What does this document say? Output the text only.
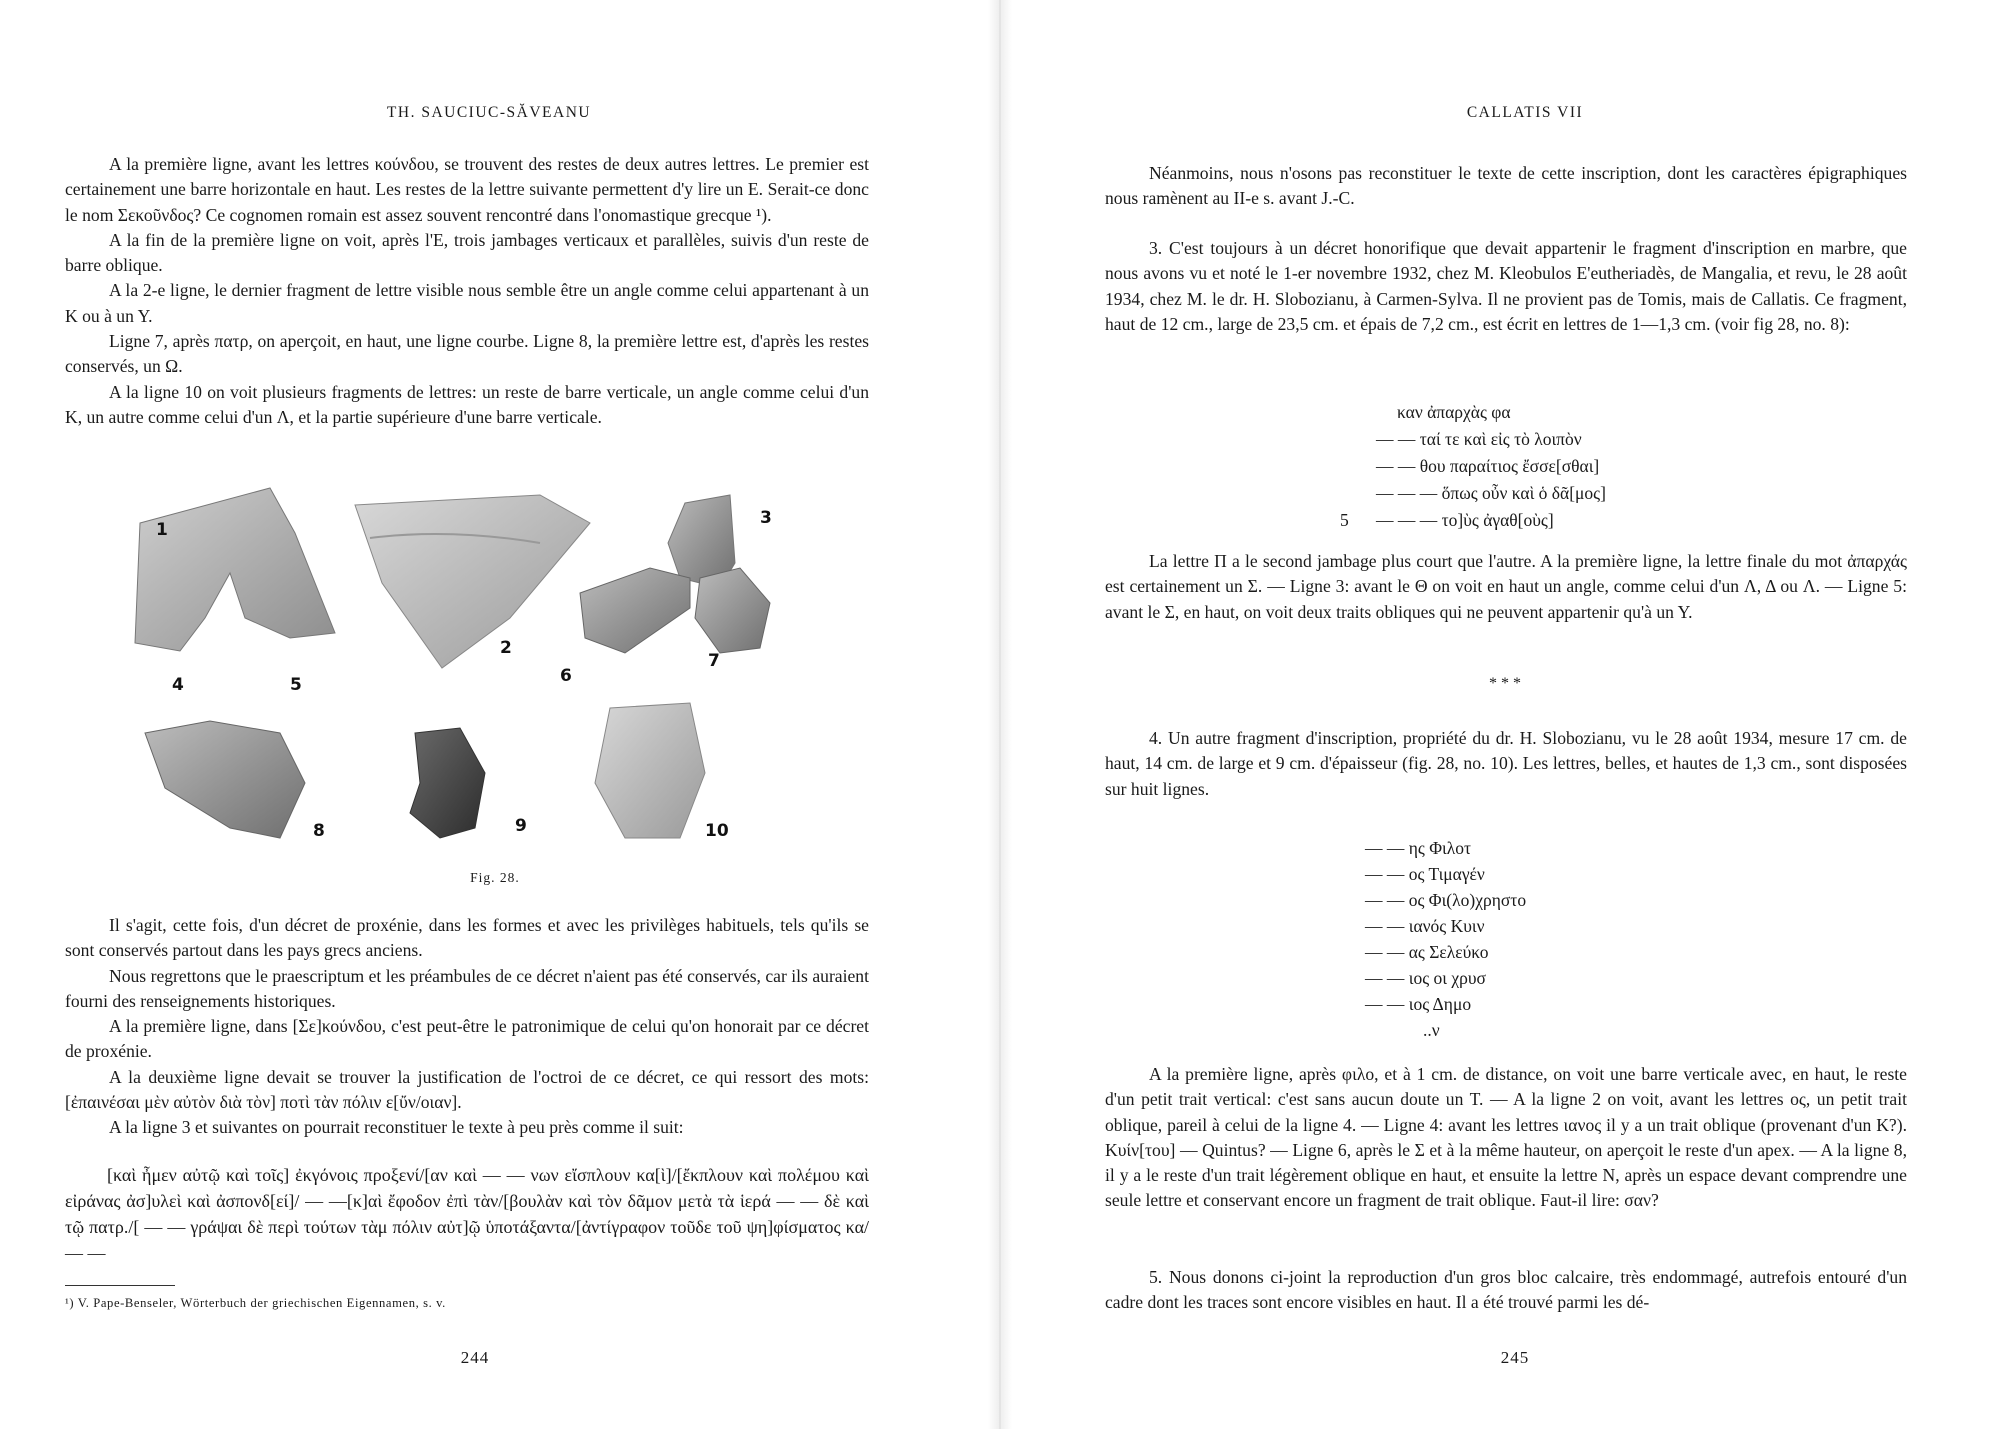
TH. SAUCIUC-SĂVEANU

A la première ligne, avant les lettres κούνδου, se trouvent des restes de deux autres lettres. Le premier est certainement une barre horizontale en haut. Les restes de la lettre suivante permettent d'y lire un E. Serait-ce donc le nom Σεκοῦνδος? Ce cognomen romain est assez souvent rencontré dans l'onomastique grecque ¹).

A la fin de la première ligne on voit, après l'E, trois jambages verticaux et parallèles, suivis d'un reste de barre oblique.

A la 2-e ligne, le dernier fragment de lettre visible nous semble être un angle comme celui appartenant à un K ou à un Y.

Ligne 7, après πατρ, on aperçoit, en haut, une ligne courbe. Ligne 8, la première lettre est, d'après les restes conservés, un Ω.

A la ligne 10 on voit plusieurs fragments de lettres: un reste de barre verticale, un angle comme celui d'un K, un autre comme celui d'un Λ, et la partie supérieure d'une barre verticale.

1
2
3
4	5	6
7
8	9	10
Fig. 28.

Il s'agit, cette fois, d'un décret de proxénie, dans les formes et avec les privilèges habituels, tels qu'ils se sont conservés partout dans les pays grecs anciens.

Nous regrettons que le praescriptum et les préambules de ce décret n'aient pas été conservés, car ils auraient fourni des renseignements historiques.

A la première ligne, dans [Σε]κούνδου, c'est peut-être le patronimique de celui qu'on honorait par ce décret de proxénie.

A la deuxième ligne devait se trouver la justification de l'octroi de ce décret, ce qui ressort des mots: [ἐπαινέσαι μὲν αὐτὸν διὰ τὸν] ποτὶ τὰν πόλιν ε[ὔν/οιαν].

A la ligne 3 et suivantes on pourrait reconstituer le texte à peu près comme il suit:

[καὶ ἦμεν αὐτῷ καὶ τοῖς] ἐκγόνοις προξενί/[αν καὶ — — νων εἴσπλουν κα[ὶ]/[ἔκπλουν καὶ πολέμου καὶ εἰράνας ἀσ]υλεὶ καὶ ἀσπονδ[εί]/ — —[κ]αὶ ἔφοδον ἐπὶ τὰν/[βουλὰν καὶ τὸν δᾶμον μετὰ τὰ ἱερά — — δὲ καὶ τῷ πατρ./[ — — γράψαι δὲ περὶ τούτων τὰμ πόλιν αὐτ]ῷ ὑποτάξαντα/[ἀντίγραφον τοῦδε τοῦ ψη]φίσματος κα/ — —

¹) V. Pape-Benseler, Wörterbuch der griechischen Eigennamen, s. v.
244
CALLATIS VII

Néanmoins, nous n'osons pas reconstituer le texte de cette inscription, dont les caractères épigraphiques nous ramènent au II-e s. avant J.-C.

3. C'est toujours à un décret honorifique que devait appartenir le fragment d'inscription en marbre, que nous avons vu et noté le 1-er novembre 1932, chez M. Kleobulos E'eutheriadès, de Mangalia, et revu, le 28 août 1934, chez M. le dr. H. Slobozianu, à Carmen-Sylva. Il ne provient pas de Tomis, mais de Callatis. Ce fragment, haut de 12 cm., large de 23,5 cm. et épais de 7,2 cm., est écrit en lettres de 1—1,3 cm. (voir fig 28, no. 8):

καν ἀπαρχὰς φα
— — ταί τε καὶ εἰς τὸ λοιπὸν
— — θου παραίτιος ἔσσε[σθαι]
— — — ὅπως οὖν καὶ ὁ δᾶ[μος]
5 — — — το]ὺς ἀγαθ[οὺς]

La lettre Π a le second jambage plus court que l'autre. A la première ligne, la lettre finale du mot ἀπαρχάς est certainement un Σ. — Ligne 3: avant le Θ on voit en haut un angle, comme celui d'un Λ, Δ ou Λ. — Ligne 5: avant le Σ, en haut, on voit deux traits obliques qui ne peuvent appartenir qu'à un Y.

* * *

4. Un autre fragment d'inscription, propriété du dr. H. Slobozianu, vu le 28 août 1934, mesure 17 cm. de haut, 14 cm. de large et 9 cm. d'épaisseur (fig. 28, no. 10). Les lettres, belles, et hautes de 1,3 cm., sont disposées sur huit lignes.

— — ης Φιλοτ
— — ος Τιμαγέν
— — ος Φι(λο)χρηστο
— — ιανός Κυιν
— — ας Σελεύκο
— — ιος οι χρυσ
— — ιος Δημο
..ν

A la première ligne, après φιλο, et à 1 cm. de distance, on voit une barre verticale avec, en haut, le reste d'un petit trait vertical: c'est sans aucun doute un T. — A la ligne 2 on voit, avant les lettres ος, un petit trait oblique, pareil à celui de la ligne 4. — Ligne 4: avant les lettres ιανος il y a un trait oblique (provenant d'un K?). Κυίν[του] — Quintus? — Ligne 6, après le Σ et à la même hauteur, on aperçoit le reste d'un apex. — A la ligne 8, il y a le reste d'un trait légèrement oblique en haut, et ensuite la lettre N, après un espace devant comprendre une seule lettre et conservant encore un fragment de trait oblique. Faut-il lire: σαν?

5. Nous donons ci-joint la reproduction d'un gros bloc calcaire, très endommagé, autrefois entouré d'un cadre dont les traces sont encore visibles en haut. Il a été trouvé parmi les dé-

245
